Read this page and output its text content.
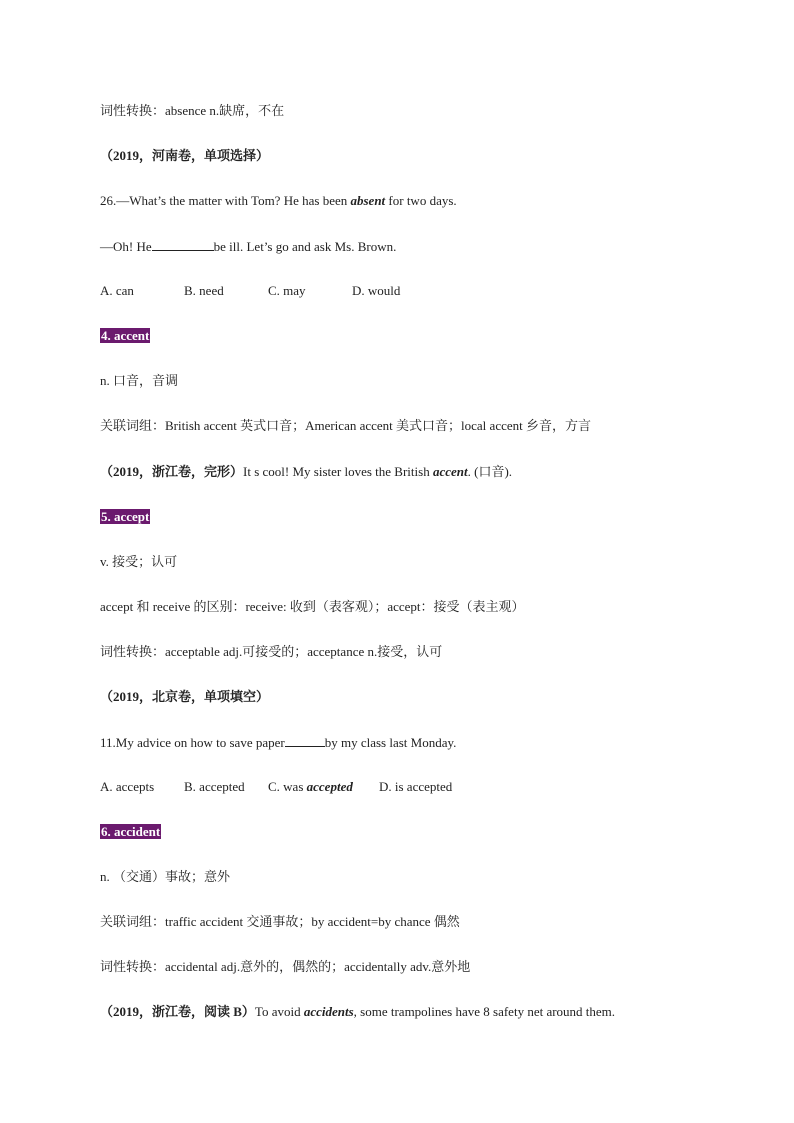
词性转换：absence n.缺席，不在
（2019，河南卷，单项选择）
26.—What’s the matter with Tom? He has been absent for two days.
—Oh! He	be ill. Let’s go and ask Ms. Brown.
A. can	B. need	C. may	D. would
4. accent
n. 口音，音调
关联词组：British accent 英式口音；American accent 美式口音；local accent 乡音，方言
（2019，浙江卷，完形）It s cool! My sister loves the British accent. (口音).
5. accept
v. 接受；认可
accept 和 receive 的区别：receive: 收到（表客观）；accept：接受（表主观）
词性转换：acceptable adj.可接受的；acceptance n.接受，认可
（2019，北京卷，单项填空）
11.My advice on how to save paper	by my class last Monday.
A. accepts B. accepted C. was accepted D. is accepted
6. accident
n. （交通）事故；意外
关联词组：traffic accident 交通事故；by accident=by chance 偶然
词性转换：accidental adj.意外的，偶然的；accidentally adv.意外地
（2019，浙江卷，阅读 B）To avoid accidents, some trampolines have 8 safety net around them.
